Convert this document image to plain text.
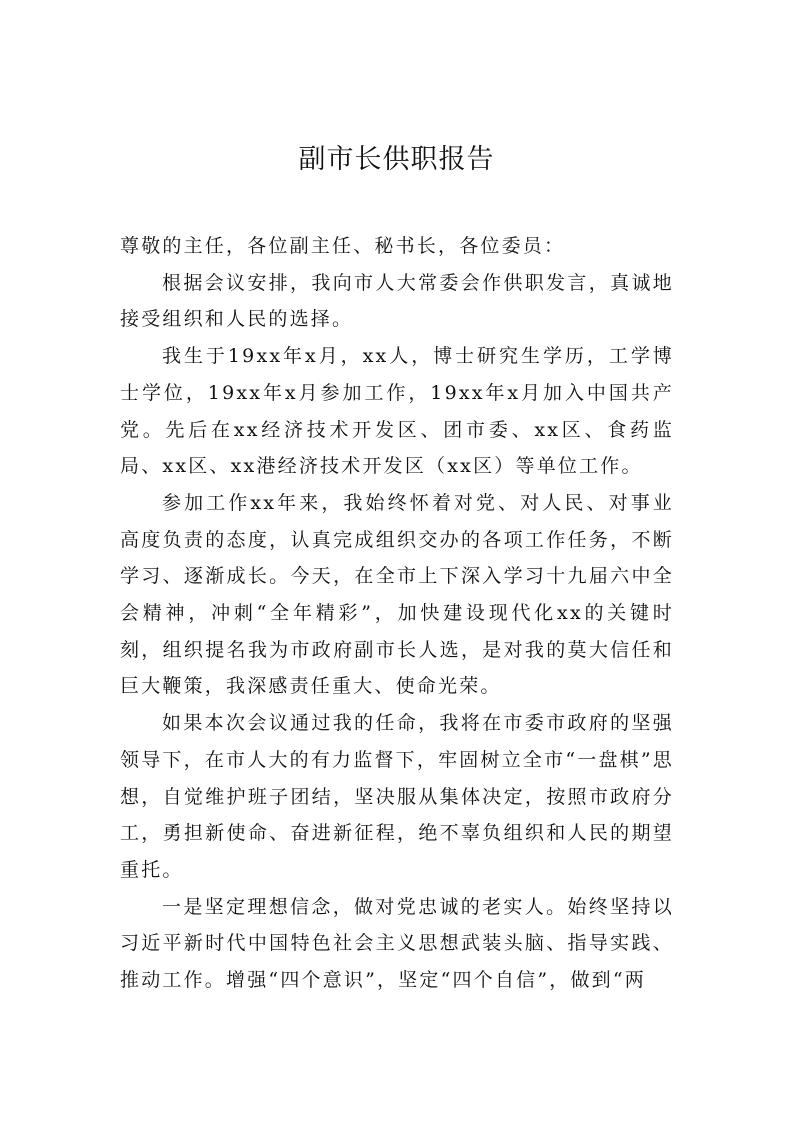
副市长供职报告

尊敬的主任，各位副主任、秘书长，各位委员：

根据会议安排，我向市人大常委会作供职发言，真诚地接受组织和人民的选择。

我生于19xx年x月，xx人，博士研究生学历，工学博士学位，19xx年x月参加工作，19xx年x月加入中国共产党。先后在xx经济技术开发区、团市委、xx区、食药监局、xx区、xx港经济技术开发区（xx区）等单位工作。

参加工作xx年来，我始终怀着对党、对人民、对事业高度负责的态度，认真完成组织交办的各项工作任务，不断学习、逐渐成长。今天，在全市上下深入学习十九届六中全会精神，冲刺“全年精彩”，加快建设现代化xx的关键时刻，组织提名我为市政府副市长人选，是对我的莫大信任和巨大鞭策，我深感责任重大、使命光荣。

如果本次会议通过我的任命，我将在市委市政府的坚强领导下，在市人大的有力监督下，牢固树立全市“一盘棋”思想，自觉维护班子团结，坚决服从集体决定，按照市政府分工，勇担新使命、奋进新征程，绝不辜负组织和人民的期望重托。

一是坚定理想信念，做对党忠诚的老实人。始终坚持以习近平新时代中国特色社会主义思想武装头脑、指导实践、推动工作。增强“四个意识”，坚定“四个自信”，做到“两
